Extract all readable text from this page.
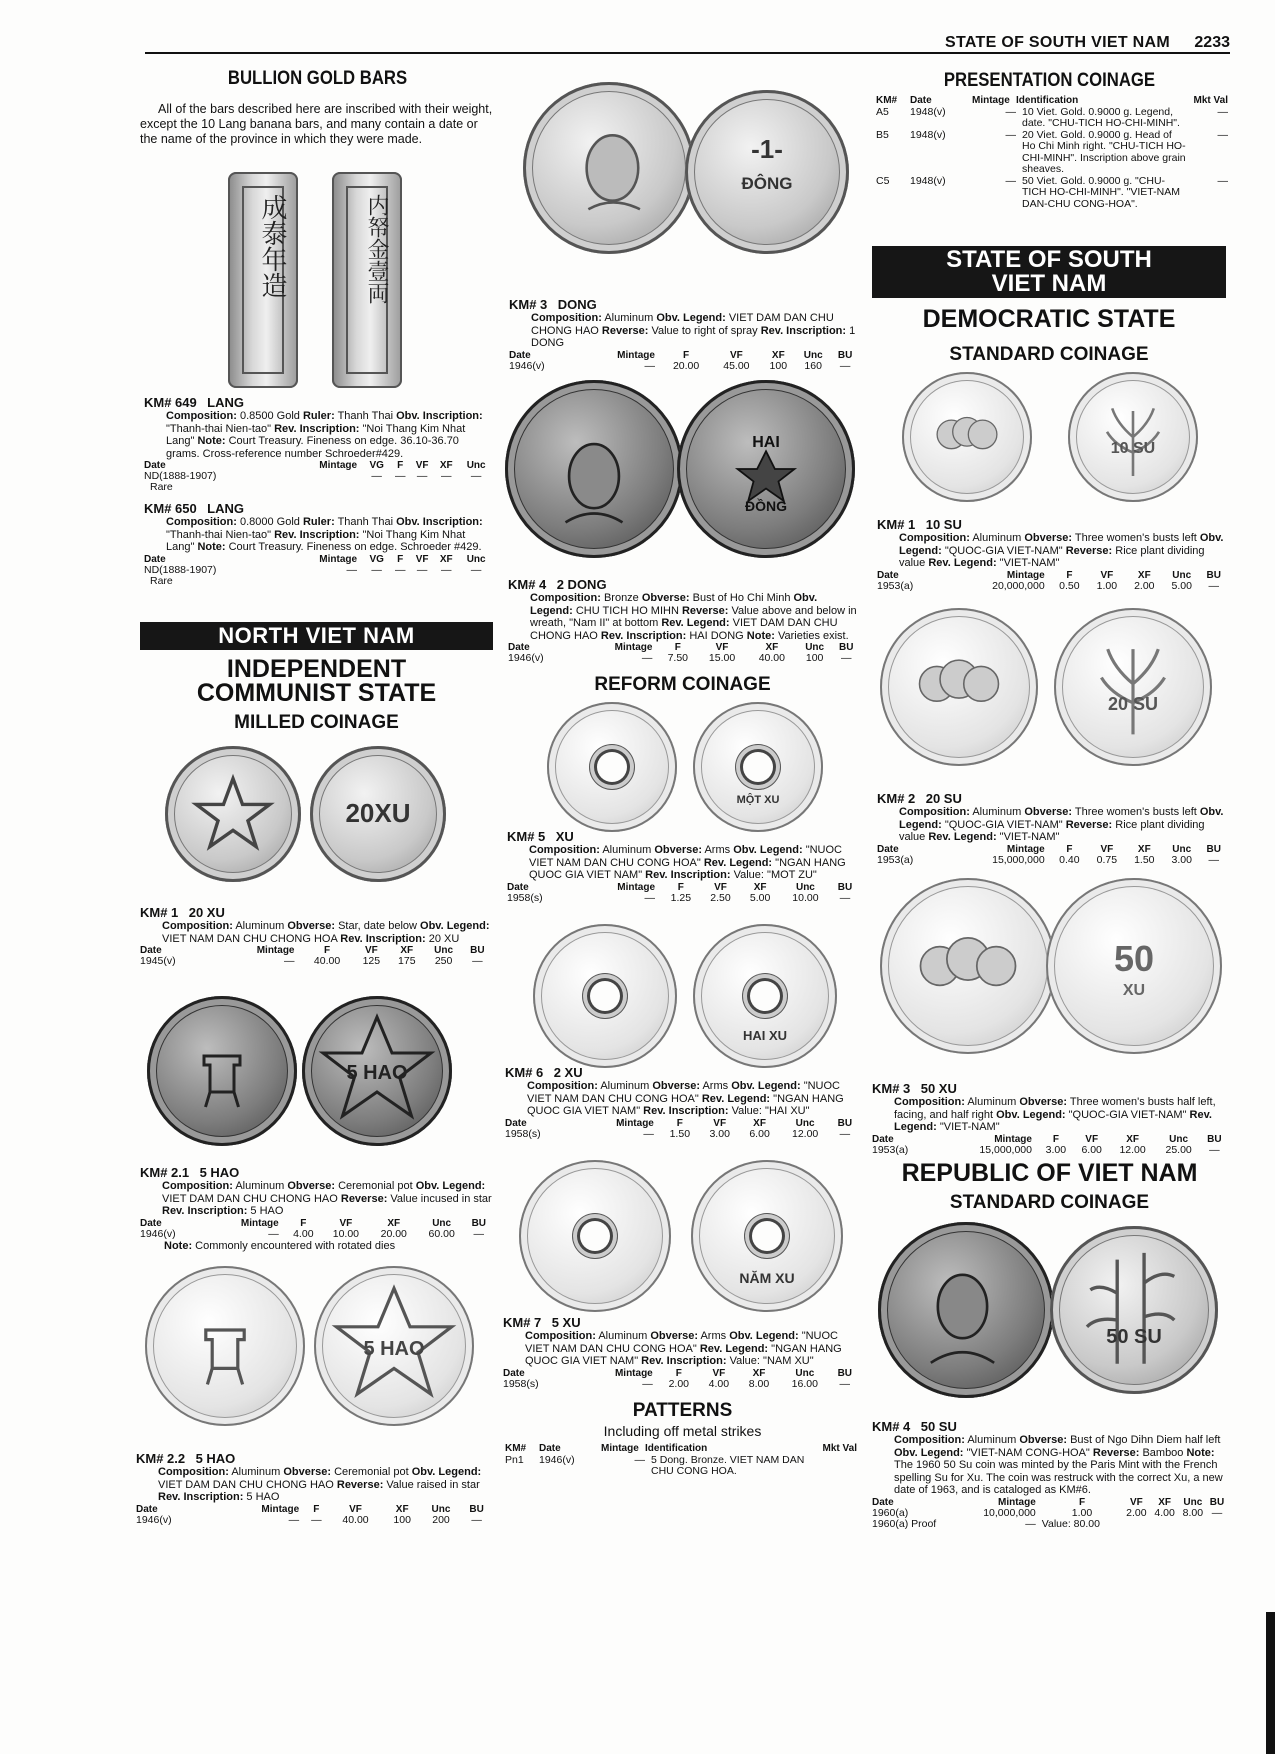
STATE OF SOUTH VIET NAM 2233
BULLION GOLD BARS

All of the bars described here are inscribed with their weight, except the 10 Lang banana bars, and many contain a date or the name of the province in which they were made.

成泰年造	内帑金壹両
KM# 649 LANG
Composition: 0.8500 Gold Ruler: Thanh Thai Obv. Inscription: "Thanh-thai Nien-tao" Rev. Inscription: "Noi Thang Kim Nhat Lang" Note: Court Treasury. Fineness on edge. 36.10-36.70 grams. Cross-reference number Schroeder#429.
Date	Mintage	VG	F	VF	XF	Unc
ND(1888-1907)		—	—	—	—	—
Rare						
KM# 650 LANG
Composition: 0.8000 Gold Ruler: Thanh Thai Obv. Inscription: "Thanh-thai Nien-tao" Rev. Inscription: "Noi Thang Kim Nhat Lang" Note: Court Treasury. Fineness on edge. Schroeder #429.
Date	Mintage	VG	F	VF	XF	Unc
ND(1888-1907)	—	—	—	—	—	—
Rare						
NORTH VIET NAM
INDEPENDENT
COMMUNIST STATE
MILLED COINAGE
20XU
KM# 1 20 XU
Composition: Aluminum Obverse: Star, date below Obv. Legend: VIET NAM DAN CHU CHONG HOA Rev. Inscription: 20 XU
Date	Mintage	F	VF	XF	Unc	BU
1945(v)	—	40.00	125	175	250	—
5 HAO
KM# 2.1 5 HAO
Composition: Aluminum Obverse: Ceremonial pot Obv. Legend: VIET DAM DAN CHU CHONG HAO Reverse: Value incused in star Rev. Inscription: 5 HAO
Date	Mintage	F	VF	XF	Unc	BU
1946(v)	—	4.00	10.00	20.00	60.00	—
Note: Commonly encountered with rotated dies
5 HAO
KM# 2.2 5 HAO
Composition: Aluminum Obverse: Ceremonial pot Obv. Legend: VIET DAM DAN CHU CHONG HAO Reverse: Value raised in star Rev. Inscription: 5 HAO
Date	Mintage	F	VF	XF	Unc	BU
1946(v)	—	—	40.00	100	200	—
-1-
ĐÔNG
KM# 3 DONG
Composition: Aluminum Obv. Legend: VIET DAM DAN CHU CHONG HAO Reverse: Value to right of spray Rev. Inscription: 1 DONG
Date	Mintage	F	VF	XF	Unc	BU
1946(v)	—	20.00	45.00	100	160	—
HAI
ĐỒNG
KM# 4 2 DONG
Composition: Bronze Obverse: Bust of Ho Chi Minh Obv. Legend: CHU TICH HO MIHN Reverse: Value above and below in wreath, "Nam II" at bottom Rev. Legend: VIET DAM DAN CHU CHONG HAO Rev. Inscription: HAI DONG Note: Varieties exist.
Date	Mintage	F	VF	XF	Unc	BU
1946(v)	—	7.50	15.00	40.00	100	—
REFORM COINAGE
MỘT XU
KM# 5 XU
Composition: Aluminum Obverse: Arms Obv. Legend: "NUOC VIET NAM DAN CHU CONG HOA" Rev. Legend: "NGAN HANG QUOC GIA VIET NAM" Rev. Inscription: Value: "MOT ZU"
Date	Mintage	F	VF	XF	Unc	BU
1958(s)	—	1.25	2.50	5.00	10.00	—
HAI XU
KM# 6 2 XU
Composition: Aluminum Obverse: Arms Obv. Legend: "NUOC VIET NAM DAN CHU CONG HOA" Rev. Legend: "NGAN HANG QUOC GIA VIET NAM" Rev. Inscription: Value: "HAI XU"
Date	Mintage	F	VF	XF	Unc	BU
1958(s)	—	1.50	3.00	6.00	12.00	—
NĂM XU
KM# 7 5 XU
Composition: Aluminum Obverse: Arms Obv. Legend: "NUOC VIET NAM DAN CHU CONG HOA" Rev. Legend: "NGAN HANG QUOC GIA VIET NAM" Rev. Inscription: Value: "NAM XU"
Date	Mintage	F	VF	XF	Unc	BU
1958(s)	—	2.00	4.00	8.00	16.00	—
PATTERNS
Including off metal strikes
KM#	Date	Mintage	Identification	Mkt Val
Pn1	1946(v)	—	5 Dong. Bronze. VIET NAM DAN CHU CONG HOA.	
PRESENTATION COINAGE
KM#	Date	Mintage	Identification	Mkt Val
A5	1948(v)	—	10 Viet. Gold. 0.9000 g. Legend, date. "CHU-TICH HO-CHI-MINH".	—
B5	1948(v)	—	20 Viet. Gold. 0.9000 g. Head of Ho Chi Minh right. "CHU-TICH HO-CHI-MINH". Inscription above grain sheaves.	—
C5	1948(v)	—	50 Viet. Gold. 0.9000 g. "CHU-TICH HO-CHI-MINH". "VIET-NAM DAN-CHU CONG-HOA".	—
STATE OF SOUTH
VIET NAM
DEMOCRATIC STATE
STANDARD COINAGE
10 SU
KM# 1 10 SU
Composition: Aluminum Obverse: Three women's busts left Obv. Legend: "QUOC-GIA VIET-NAM" Reverse: Rice plant dividing value Rev. Legend: "VIET-NAM"
Date	Mintage	F	VF	XF	Unc	BU
1953(a)	20,000,000	0.50	1.00	2.00	5.00	—
20 SU
KM# 2 20 SU
Composition: Aluminum Obverse: Three women's busts left Obv. Legend: "QUOC-GIA VIET-NAM" Reverse: Rice plant dividing value Rev. Legend: "VIET-NAM"
Date	Mintage	F	VF	XF	Unc	BU
1953(a)	15,000,000	0.40	0.75	1.50	3.00	—
50
XU
KM# 3 50 XU
Composition: Aluminum Obverse: Three women's busts half left, facing, and half right Obv. Legend: "QUOC-GIA VIET-NAM" Rev. Legend: "VIET-NAM"
Date	Mintage	F	VF	XF	Unc	BU
1953(a)	15,000,000	3.00	6.00	12.00	25.00	—
REPUBLIC OF VIET NAM
STANDARD COINAGE
50 SU
KM# 4 50 SU
Composition: Aluminum Obverse: Bust of Ngo Dihn Diem half left Obv. Legend: "VIET-NAM CONG-HOA" Reverse: Bamboo Note: The 1960 50 Su coin was minted by the Paris Mint with the French spelling Su for Xu. The coin was restruck with the correct Xu, a new date of 1963, and is cataloged as KM#6.
Date	Mintage	F	VF	XF	Unc	BU
1960(a)	10,000,000	1.00	2.00	4.00	8.00	—
1960(a) Proof	—	Value: 80.00				
